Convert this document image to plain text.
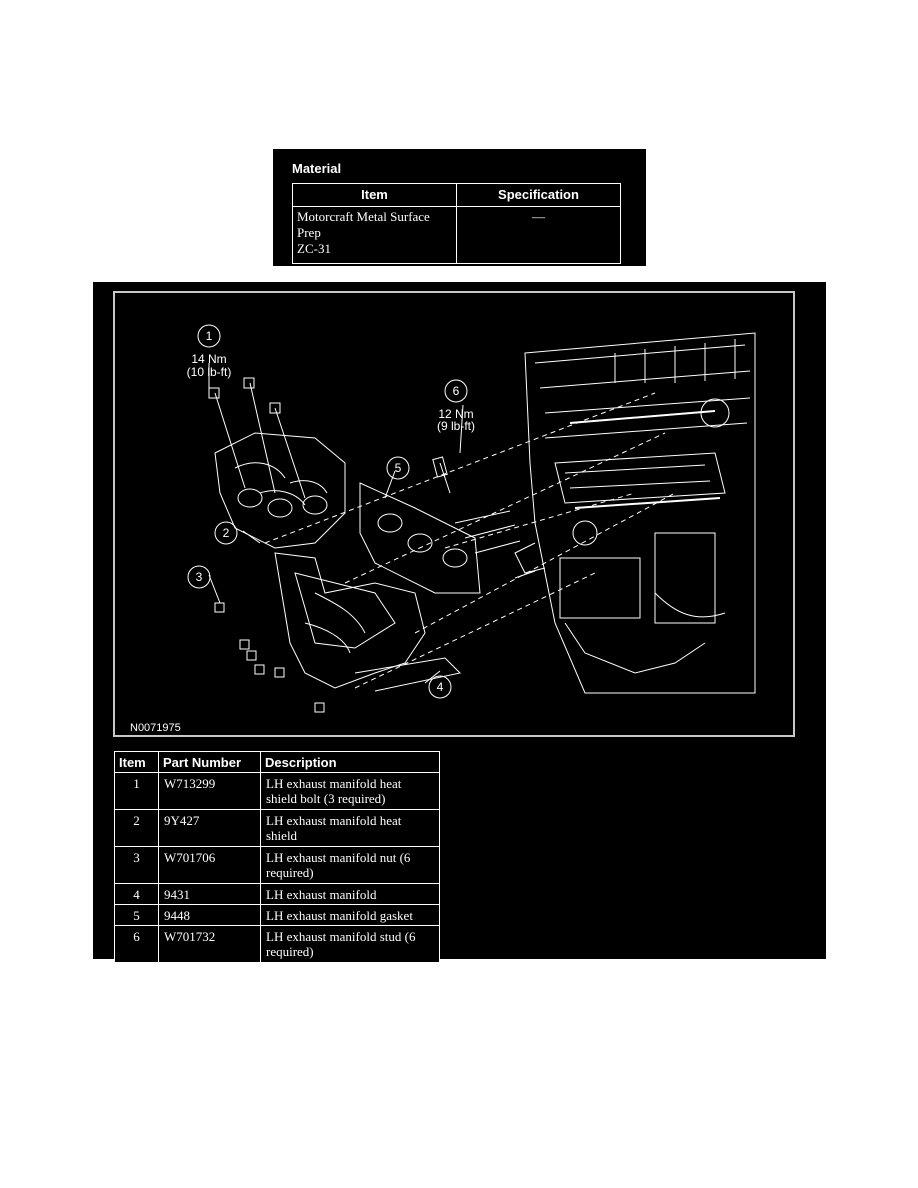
Material
Item	Specification

Motorcraft Metal Surface
Prep
ZC-31	—
1
14 Nm
(10 lb-ft)
2
3
4
5
6
12 Nm
(9 lb-ft)
N0071975
Item	Part Number	Description
1	W713299	LH exhaust manifold heat
shield bolt (3 required)

2	9Y427	LH exhaust manifold heat
shield

3	W701706	LH exhaust manifold nut (6
required)

4	9431	LH exhaust manifold

5	9448	LH exhaust manifold gasket

6	W701732	LH exhaust manifold stud (6
required)
